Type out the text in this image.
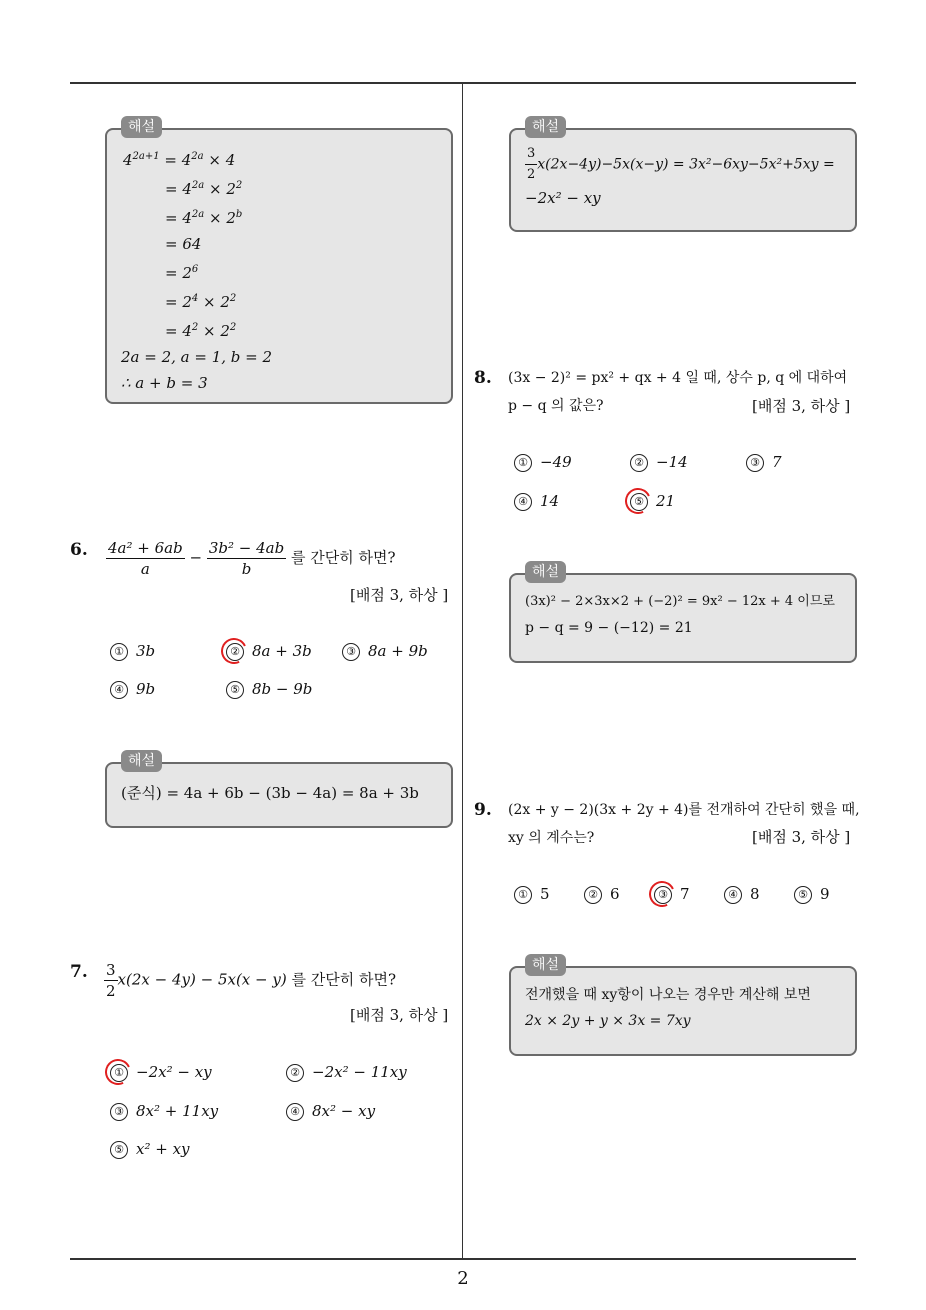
해설
$4^{2a+1} = 4^{2a} \times 4$
= $4^{2a} \times 2^2$
= $4^{2a} \times 2^b$
= 64
= $2^6$
= $2^4 \times 2^2$
= $4^2 \times 2^2$
2a = 2, a = 1, b = 2
∴ a + b = 3
6. $\frac{\text{4a² + 6ab}}{a} - \frac{\text{3b² − 4ab}}{b}$ 를 간단히 하면?
[배점 3, 하상 ]
① 3b	② 8a + 3b	③ 8a + 9b
④ 9b	⑤ 8b − 9b
해설
(준식) = 4a + 6b − (3b − 4a) = 8a + 3b
7. $\frac{3}{2} x(2x - 4y) - 5x(x - y)$ 를 간단히 하면?
[배점 3, 하상 ]
① −2x² − xy	② −2x² − 11xy
③ 8x² + 11xy	④ 8x² − xy
⑤ x² + xy
해설
$\frac{3}{2} x(2x-4y)-5x(x-y) = 3x^2-6xy-5x^2+5xy$ =
−2x² − xy
8. (3x − 2)² = px² + qx + 4 일 때, 상수 p, q 에 대하여
p − q 의 값은?	[배점 3, 하상 ]
① −49	② −14	③ 7
④ 14	⑤ 21
해설
(3x)² − 2×3x×2 + (−2)² = 9x² − 12x + 4 이므로
p − q = 9 − (−12) = 21
9. (2x + y − 2)(3x + 2y + 4)를 전개하여 간단히 했을 때,
xy 의 계수는?	[배점 3, 하상 ]
① 5	② 6	③ 7	④ 8	⑤ 9
해설
전개했을 때 xy항이 나오는 경우만 계산해 보면
2x × 2y + y × 3x = 7xy
2
